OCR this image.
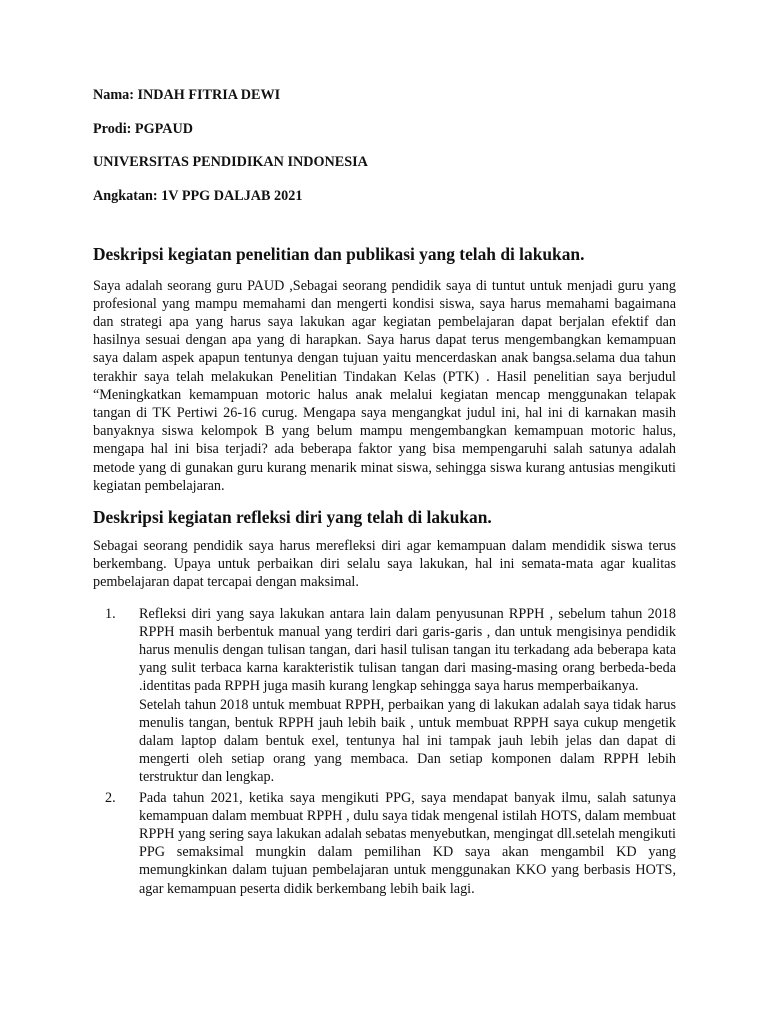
Nama: INDAH FITRIA DEWI

Prodi: PGPAUD

UNIVERSITAS PENDIDIKAN INDONESIA

Angkatan: 1V PPG DALJAB 2021

Deskripsi kegiatan penelitian dan publikasi yang telah di lakukan.

Saya adalah seorang guru PAUD ,Sebagai seorang pendidik saya di tuntut untuk menjadi guru yang profesional yang mampu memahami dan mengerti kondisi siswa, saya harus memahami bagaimana dan strategi apa yang harus saya lakukan agar kegiatan pembelajaran dapat berjalan efektif dan hasilnya sesuai dengan apa yang di harapkan. Saya harus dapat terus mengembangkan kemampuan saya dalam aspek apapun tentunya dengan tujuan yaitu mencerdaskan anak bangsa.selama dua tahun terakhir saya telah melakukan Penelitian Tindakan Kelas (PTK) . Hasil penelitian saya berjudul “Meningkatkan kemampuan motoric halus anak melalui kegiatan mencap menggunakan telapak tangan di TK Pertiwi 26-16 curug. Mengapa saya mengangkat judul ini, hal ini di karnakan masih banyaknya siswa kelompok B yang belum mampu mengembangkan kemampuan motoric halus, mengapa hal ini bisa terjadi? ada beberapa faktor yang bisa mempengaruhi salah satunya adalah metode yang di gunakan guru kurang menarik minat siswa, sehingga siswa kurang antusias mengikuti kegiatan pembelajaran.

Deskripsi kegiatan refleksi diri yang telah di lakukan.

Sebagai seorang pendidik saya harus merefleksi diri agar kemampuan dalam mendidik siswa terus berkembang. Upaya untuk perbaikan diri selalu saya lakukan, hal ini semata-mata agar kualitas pembelajaran dapat tercapai dengan maksimal.

1. Refleksi diri yang saya lakukan antara lain dalam penyusunan RPPH , sebelum tahun 2018 RPPH masih berbentuk manual yang terdiri dari garis-garis , dan untuk mengisinya pendidik harus menulis dengan tulisan tangan, dari hasil tulisan tangan itu terkadang ada beberapa kata yang sulit terbaca karna karakteristik tulisan tangan dari masing-masing orang berbeda-beda .identitas pada RPPH juga masih kurang lengkap sehingga saya harus memperbaikanya.

Setelah tahun 2018 untuk membuat RPPH, perbaikan yang di lakukan adalah saya tidak harus menulis tangan, bentuk RPPH jauh lebih baik , untuk membuat RPPH saya cukup mengetik dalam laptop dalam bentuk exel, tentunya hal ini tampak jauh lebih jelas dan dapat di mengerti oleh setiap orang yang membaca. Dan setiap komponen dalam RPPH lebih terstruktur dan lengkap.

2. Pada tahun 2021, ketika saya mengikuti PPG, saya mendapat banyak ilmu, salah satunya kemampuan dalam membuat RPPH , dulu saya tidak mengenal istilah HOTS, dalam membuat RPPH yang sering saya lakukan adalah sebatas menyebutkan, mengingat dll.setelah mengikuti PPG semaksimal mungkin dalam pemilihan KD saya akan mengambil KD yang memungkinkan dalam tujuan pembelajaran untuk menggunakan KKO yang berbasis HOTS, agar kemampuan peserta didik berkembang lebih baik lagi.
